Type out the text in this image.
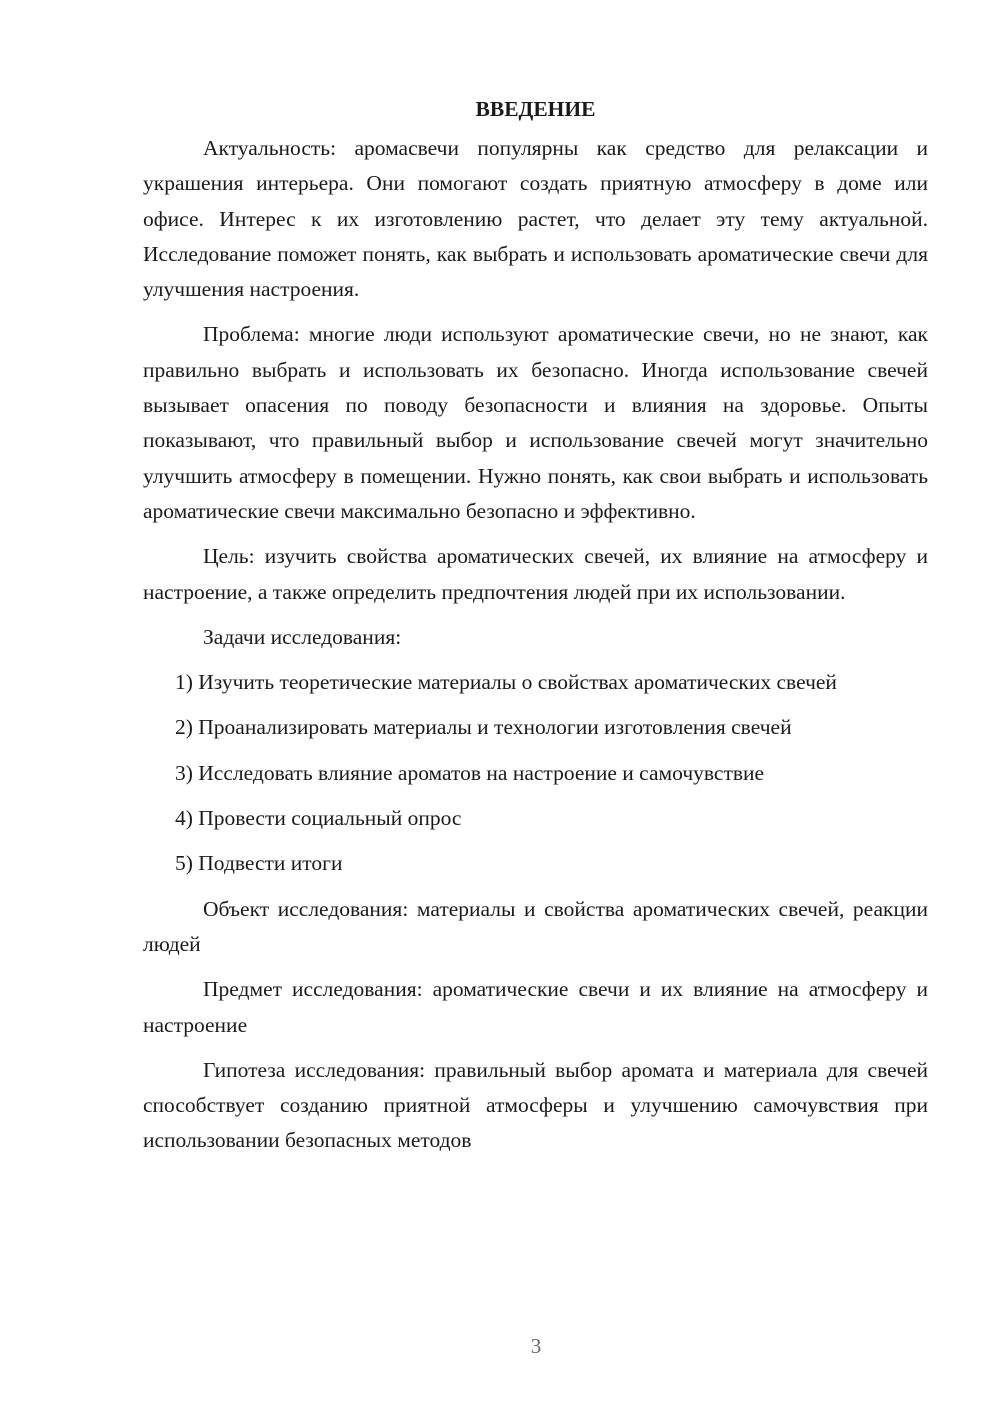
ВВЕДЕНИЕ

Актуальность: аромасвечи популярны как средство для релаксации и украшения интерьера. Они помогают создать приятную атмосферу в доме или офисе. Интерес к их изготовлению растет, что делает эту тему актуальной. Исследование поможет понять, как выбрать и использовать ароматические свечи для улучшения настроения.

Проблема: многие люди используют ароматические свечи, но не знают, как правильно выбрать и использовать их безопасно. Иногда использование свечей вызывает опасения по поводу безопасности и влияния на здоровье. Опыты показывают, что правильный выбор и использование свечей могут значительно улучшить атмосферу в помещении. Нужно понять, как свои выбрать и использовать ароматические свечи максимально безопасно и эффективно.

Цель: изучить свойства ароматических свечей, их влияние на атмосферу и настроение, а также определить предпочтения людей при их использовании.

Задачи исследования:

1) Изучить теоретические материалы о свойствах ароматических свечей

2) Проанализировать материалы и технологии изготовления свечей

3) Исследовать влияние ароматов на настроение и самочувствие

4) Провести социальный опрос

5) Подвести итоги

Объект исследования: материалы и свойства ароматических свечей, реакции людей

Предмет исследования: ароматические свечи и их влияние на атмосферу и настроение

Гипотеза исследования: правильный выбор аромата и материала для свечей способствует созданию приятной атмосферы и улучшению самочувствия при использовании безопасных методов

3
